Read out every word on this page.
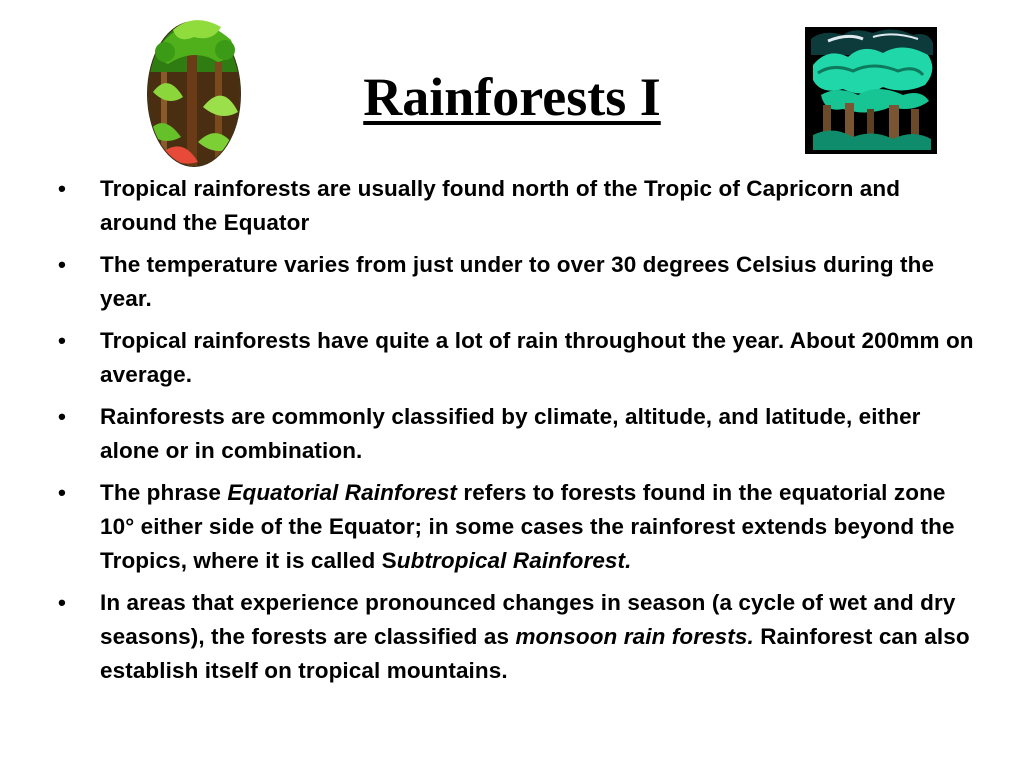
Rainforests I
•	Tropical rainforests are usually found north of the Tropic of Capricorn and around the Equator
•	The temperature varies from just under to over 30 degrees Celsius during the year.
•	Tropical rainforests have quite a lot of rain throughout the year. About 200mm on average.
•	Rainforests are commonly classified by climate, altitude, and latitude, either alone or in combination.
•	The phrase Equatorial Rainforest refers to forests found in the equatorial zone 10° either side of the Equator; in some cases the rainforest extends beyond the Tropics, where it is called Subtropical Rainforest.
•	In areas that experience pronounced changes in season (a cycle of wet and dry seasons), the forests are classified as monsoon rain forests. Rainforest can also establish itself on tropical mountains.
